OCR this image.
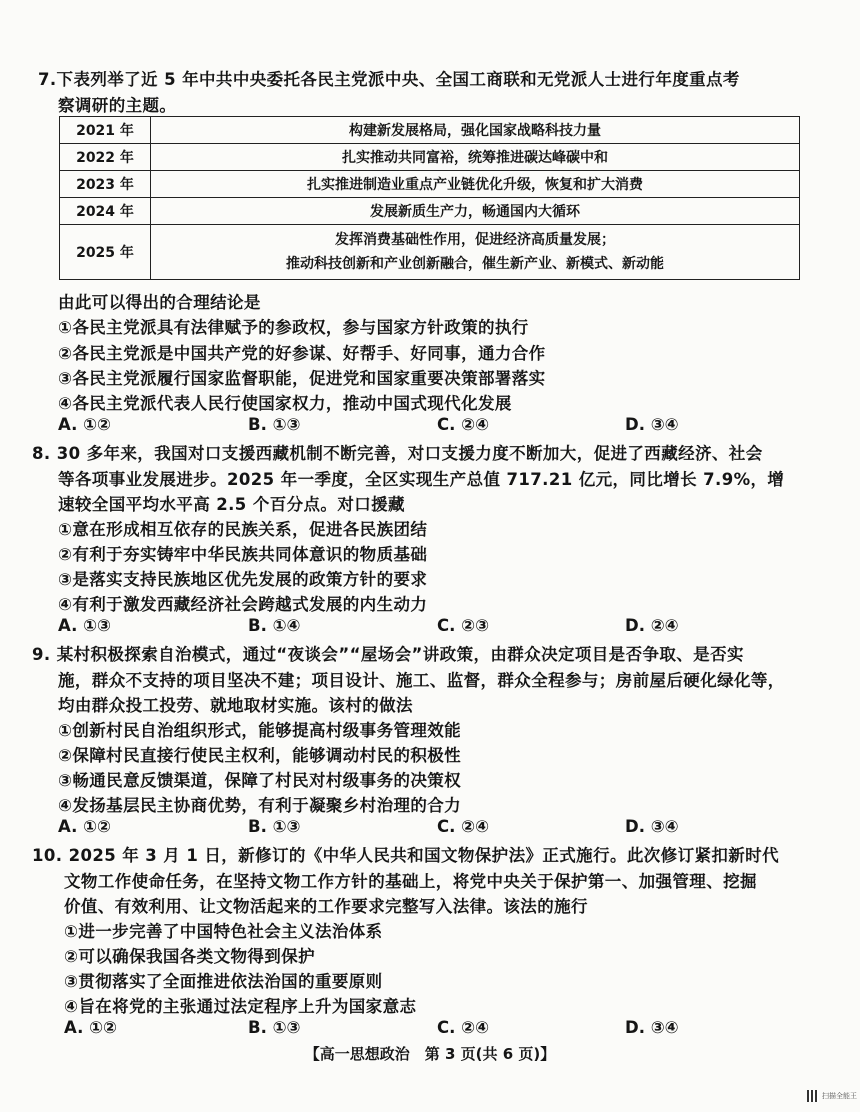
7.下表列举了近 5 年中共中央委托各民主党派中央、全国工商联和无党派人士进行年度重点考
察调研的主题。
2021 年	构建新发展格局，强化国家战略科技力量
2022 年	扎实推动共同富裕，统筹推进碳达峰碳中和
2023 年	扎实推进制造业重点产业链优化升级，恢复和扩大消费
2024 年	发展新质生产力，畅通国内大循环
2025 年	发挥消费基础性作用，促进经济高质量发展；
推动科技创新和产业创新融合，催生新产业、新模式、新动能
由此可以得出的合理结论是
①各民主党派具有法律赋予的参政权，参与国家方针政策的执行
②各民主党派是中国共产党的好参谋、好帮手、好同事，通力合作
③各民主党派履行国家监督职能，促进党和国家重要决策部署落实
④各民主党派代表人民行使国家权力，推动中国式现代化发展
A. ①②	B. ①③	C. ②④	D. ③④
8. 30 多年来，我国对口支援西藏机制不断完善，对口支援力度不断加大，促进了西藏经济、社会
等各项事业发展进步。2025 年一季度，全区实现生产总值 717.21 亿元，同比增长 7.9%，增
速较全国平均水平高 2.5 个百分点。对口援藏
①意在形成相互依存的民族关系，促进各民族团结
②有利于夯实铸牢中华民族共同体意识的物质基础
③是落实支持民族地区优先发展的政策方针的要求
④有利于激发西藏经济社会跨越式发展的内生动力
A. ①③	B. ①④	C. ②③	D. ②④
9. 某村积极探索自治模式，通过“夜谈会”“屋场会”讲政策，由群众决定项目是否争取、是否实
施，群众不支持的项目坚决不建；项目设计、施工、监督，群众全程参与；房前屋后硬化绿化等，
均由群众投工投劳、就地取材实施。该村的做法
①创新村民自治组织形式，能够提高村级事务管理效能
②保障村民直接行使民主权利，能够调动村民的积极性
③畅通民意反馈渠道，保障了村民对村级事务的决策权
④发扬基层民主协商优势，有利于凝聚乡村治理的合力
A. ①②	B. ①③	C. ②④	D. ③④
10. 2025 年 3 月 1 日，新修订的《中华人民共和国文物保护法》正式施行。此次修订紧扣新时代
文物工作使命任务，在坚持文物工作方针的基础上，将党中央关于保护第一、加强管理、挖掘
价值、有效利用、让文物活起来的工作要求完整写入法律。该法的施行
①进一步完善了中国特色社会主义法治体系
②可以确保我国各类文物得到保护
③贯彻落实了全面推进依法治国的重要原则
④旨在将党的主张通过法定程序上升为国家意志
A. ①②	B. ①③	C. ②④	D. ③④
【高一思想政治　第 3 页(共 6 页)】
扫描全能王
